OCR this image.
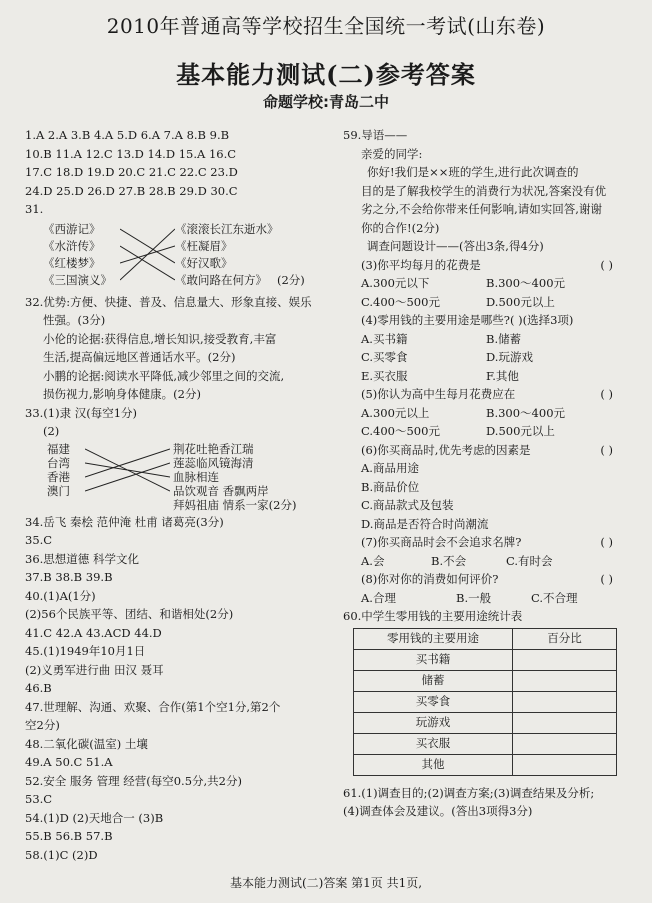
2010年普通高等学校招生全国统一考试(山东卷)
基本能力测试(二)参考答案
命题学校:青岛二中
1.A 2.A 3.B 4.A 5.D 6.A 7.A 8.B 9.B
10.B 11.A 12.C 13.D 14.D 15.A 16.C
17.C 18.D 19.D 20.C 21.C 22.C 23.D
24.D 25.D 26.D 27.B 28.B 29.D 30.C
31.
《西游记》
《水浒传》
《红楼梦》
《三国演义》
《滚滚长江东逝水》
《枉凝眉》
《好汉歌》
《敢问路在何方》 (2分)
32.优势:方便、快捷、普及、信息量大、形象直接、娱乐
性强。(3分)
小伦的论据:获得信息,增长知识,接受教育,丰富
生活,提高偏远地区普通话水平。(2分)
小鹏的论据:阅读水平降低,减少邻里之间的交流,
损伤视力,影响身体健康。(2分)
33.(1)隶 汉(每空1分)
(2)
福建
台湾
香港
澳门
荆花吐艳香江瑞
莲蕊临风镜海清
血脉相连
品饮观音 香飘两岸
拜妈祖庙 情系一家(2分)
34.岳飞 秦桧 范仲淹 杜甫 诸葛亮(3分)
35.C
36.思想道德 科学文化
37.B 38.B 39.B
40.(1)A(1分)
(2)56个民族平等、团结、和谐相处(2分)
41.C 42.A 43.ACD 44.D
45.(1)1949年10月1日
(2)义勇军进行曲 田汉 聂耳
46.B
47.世理解、沟通、欢聚、合作(第1个空1分,第2个
空2分)
48.二氧化碳(温室) 土壤
49.A 50.C 51.A
52.安全 服务 管理 经营(每空0.5分,共2分)
53.C
54.(1)D (2)天地合一 (3)B
55.B 56.B 57.B
58.(1)C (2)D
59.导语——
亲爱的同学:
你好!我们是××班的学生,进行此次调查的
目的是了解我校学生的消费行为状况,答案没有优
劣之分,不会给你带来任何影响,请如实回答,谢谢
你的合作!(2分)
调查问题设计——(答出3条,得4分)
(3)你平均每月的花费是	( )
A.300元以下	B.300～400元
C.400～500元	D.500元以上
(4)零用钱的主要用途是哪些?( )(选择3项)
A.买书籍	B.储蓄
C.买零食	D.玩游戏
E.买衣服	F.其他
(5)你认为高中生每月花费应在	( )
A.300元以上	B.300～400元
C.400～500元	D.500元以上
(6)你买商品时,优先考虑的因素是	( )
A.商品用途
B.商品价位
C.商品款式及包装
D.商品是否符合时尚潮流
(7)你买商品时会不会追求名牌?	( )
A.会	B.不会	C.有时会
(8)你对你的消费如何评价?	( )
A.合理	B.一般	C.不合理
60.中学生零用钱的主要用途统计表
零用钱的主要用途	百分比
买书籍	
储蓄	
买零食	
玩游戏	
买衣服	
其他	
61.(1)调查目的;(2)调查方案;(3)调查结果及分析;
(4)调查体会及建议。(答出3项得3分)
基本能力测试(二)答案 第1页 共1页,
